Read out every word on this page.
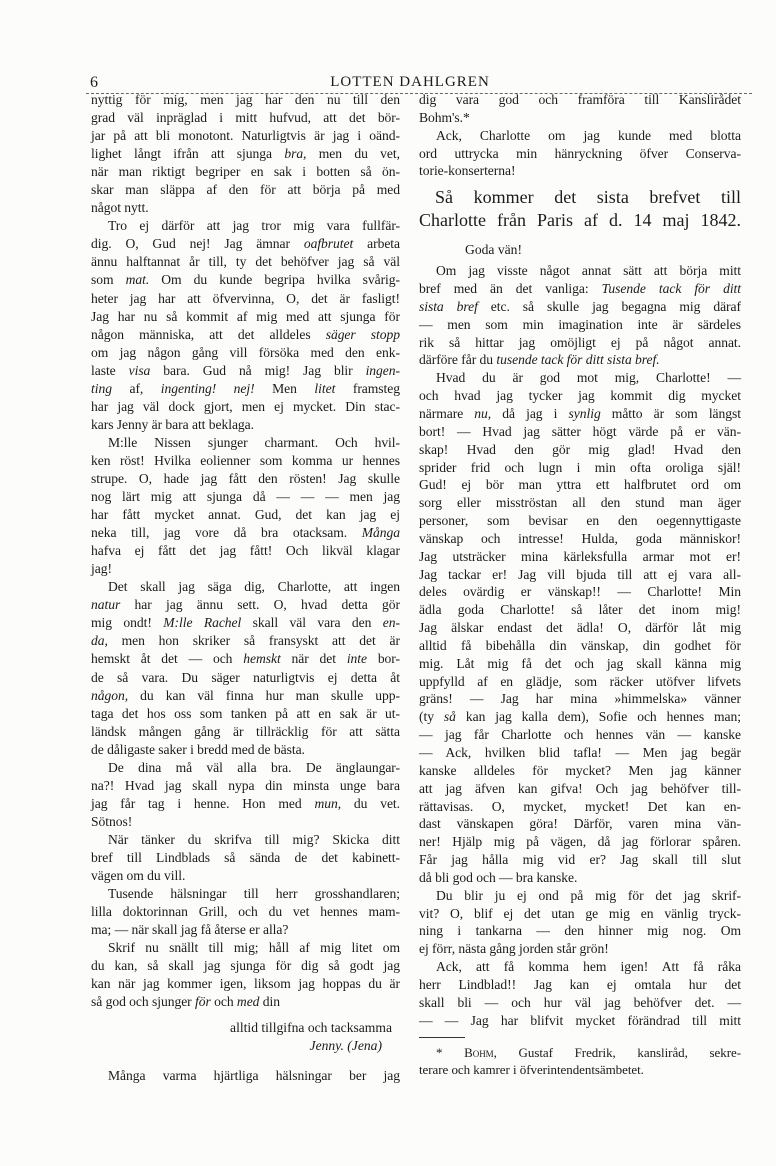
6	LOTTEN DAHLGREN
nyttig för mig, men jag har den nu till den
grad väl inpräglad i mitt hufvud, att det bör-
jar på att bli monotont. Naturligtvis är jag i oänd-
lighet långt ifrån att sjunga bra, men du vet,
när man riktigt begriper en sak i botten så ön-
skar man släppa af den för att börja på med
något nytt.
Tro ej därför att jag tror mig vara fullfär-
dig. O, Gud nej! Jag ämnar oafbrutet arbeta
ännu halftannat år till, ty det behöfver jag så väl
som mat. Om du kunde begripa hvilka svårig-
heter jag har att öfvervinna, O, det är fasligt!
Jag har nu så kommit af mig med att sjunga för
någon människa, att det alldeles säger stopp
om jag någon gång vill försöka med den enk-
laste visa bara. Gud nå mig! Jag blir ingen-
ting af, ingenting! nej! Men litet framsteg
har jag väl dock gjort, men ej mycket. Din stac-
kars Jenny är bara att beklaga.
M:lle Nissen sjunger charmant. Och hvil-
ken röst! Hvilka eolienner som komma ur hennes
strupe. O, hade jag fått den rösten! Jag skulle
nog lärt mig att sjunga då — — — men jag
har fått mycket annat. Gud, det kan jag ej
neka till, jag vore då bra otacksam. Många
hafva ej fått det jag fått! Och likväl klagar
jag!
Det skall jag säga dig, Charlotte, att ingen
natur har jag ännu sett. O, hvad detta gör
mig ondt! M:lle Rachel skall väl vara den en-
da, men hon skriker så fransyskt att det är
hemskt åt det — och hemskt när det inte bor-
de så vara. Du säger naturligtvis ej detta åt
någon, du kan väl finna hur man skulle upp-
taga det hos oss som tanken på att en sak är ut-
ländsk mången gång är tillräcklig för att sätta
de dåligaste saker i bredd med de bästa.
De dina må väl alla bra. De änglaungar-
na?! Hvad jag skall nypa din minsta unge bara
jag får tag i henne. Hon med mun, du vet.
Sötnos!
När tänker du skrifva till mig? Skicka ditt
bref till Lindblads så sända de det kabinett-
vägen om du vill.
Tusende hälsningar till herr grosshandlaren;
lilla doktorinnan Grill, och du vet hennes mam-
ma; — när skall jag få återse er alla?
Skrif nu snällt till mig; håll af mig litet om
du kan, så skall jag sjunga för dig så godt jag
kan när jag kommer igen, liksom jag hoppas du är
så god och sjunger för och med din
alltid tillgifna och tacksamma
Jenny. (Jena)
Många varma hjärtliga hälsningar ber jag
dig vara god och framföra till Kanslirådet
Bohm's.*
Ack, Charlotte om jag kunde med blotta
ord uttrycka min hänryckning öfver Conserva-
torie-konserterna!
Så kommer det sista brefvet till
Charlotte från Paris af d. 14 maj 1842.
Goda vän!
Om jag visste något annat sätt att börja mitt
bref med än det vanliga: Tusende tack för ditt
sista bref etc. så skulle jag begagna mig däraf
— men som min imagination inte är särdeles
rik så hittar jag omöjligt ej på något annat.
därföre får du tusende tack för ditt sista bref.
Hvad du är god mot mig, Charlotte! —
och hvad jag tycker jag kommit dig mycket
närmare nu, då jag i synlig måtto är som längst
bort! — Hvad jag sätter högt värde på er vän-
skap! Hvad den gör mig glad! Hvad den
sprider frid och lugn i min ofta oroliga själ!
Gud! ej bör man yttra ett halfbrutet ord om
sorg eller misströstan all den stund man äger
personer, som bevisar en den oegennyttigaste
vänskap och intresse! Hulda, goda människor!
Jag utsträcker mina kärleksfulla armar mot er!
Jag tackar er! Jag vill bjuda till att ej vara all-
deles ovärdig er vänskap!! — Charlotte! Min
ädla goda Charlotte! så låter det inom mig!
Jag älskar endast det ädla! O, därför låt mig
alltid få bibehålla din vänskap, din godhet för
mig. Låt mig få det och jag skall känna mig
uppfylld af en glädje, som räcker utöfver lifvets
gräns! — Jag har mina »himmelska» vänner
(ty så kan jag kalla dem), Sofie och hennes man;
— jag får Charlotte och hennes vän — kanske
— Ack, hvilken blid tafla! — Men jag begär
kanske alldeles för mycket? Men jag känner
att jag äfven kan gifva! Och jag behöfver till-
rättavisas. O, mycket, mycket! Det kan en-
dast vänskapen göra! Därför, varen mina vän-
ner! Hjälp mig på vägen, då jag förlorar spåren.
Får jag hålla mig vid er? Jag skall till slut
då bli god och — bra kanske.
Du blir ju ej ond på mig för det jag skrif-
vit? O, blif ej det utan ge mig en vänlig tryck-
ning i tankarna — den hinner mig nog. Om
ej förr, nästa gång jorden står grön!
Ack, att få komma hem igen! Att få råka
herr Lindblad!! Jag kan ej omtala hur det
skall bli — och hur väl jag behöfver det. —
— — Jag har blifvit mycket förändrad till mitt
* Bohm, Gustaf Fredrik, kansliråd, sekre-
terare och kamrer i öfverintendentsämbetet.
